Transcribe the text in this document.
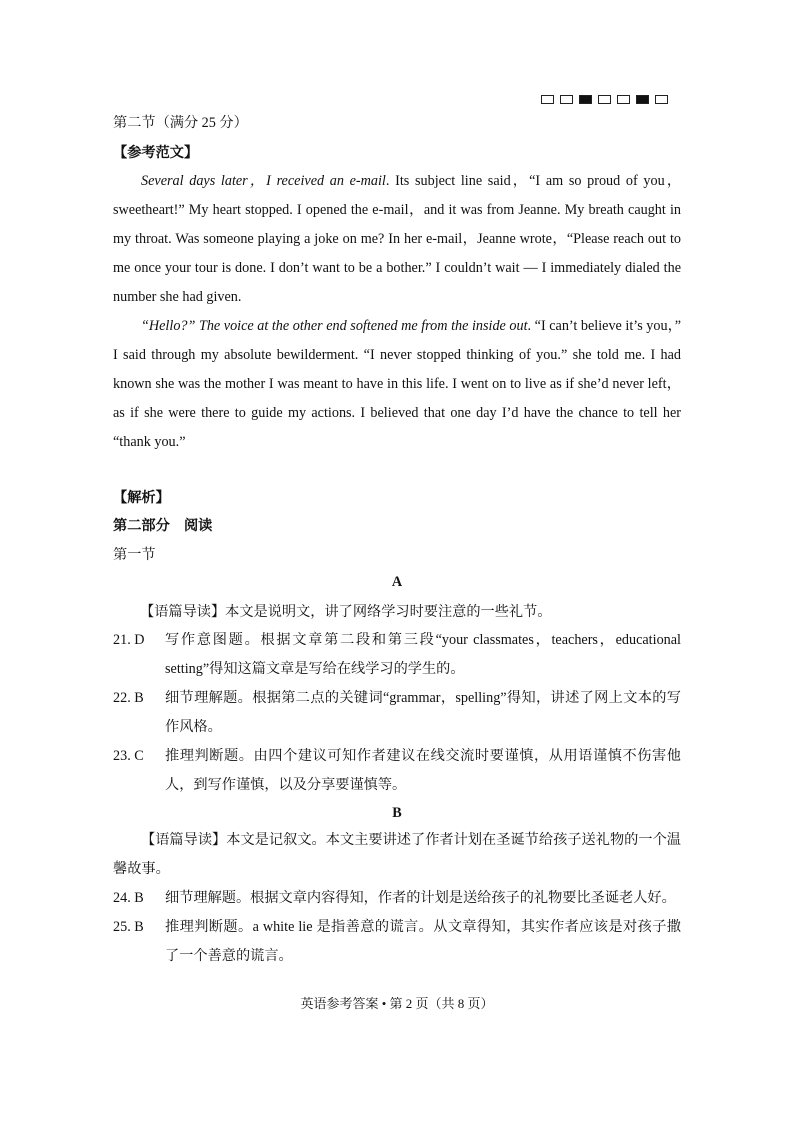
第二节（满分 25 分）
【参考范文】
Several days later，I received an e-mail. Its subject line said，“I am so proud of you，sweetheart!” My heart stopped. I opened the e-mail，and it was from Jeanne. My breath caught in my throat. Was someone playing a joke on me? In her e-mail，Jeanne wrote，“Please reach out to me once your tour is done. I don’t want to be a bother.” I couldn’t wait — I immediately dialed the number she had given.
“Hello?” The voice at the other end softened me from the inside out. “I can’t believe it’s you，” I said through my absolute bewilderment. “I never stopped thinking of you.” she told me. I had known she was the mother I was meant to have in this life. I went on to live as if she’d never left，as if she were there to guide my actions. I believed that one day I’d have the chance to tell her “thank you.”
【解析】
第二部分　阅读
第一节
A
【语篇导读】本文是说明文，讲了网络学习时要注意的一些礼节。
21. D	写作意图题。根据文章第二段和第三段“your classmates，teachers，educational setting”得知这篇文章是写给在线学习的学生的。
22. B	细节理解题。根据第二点的关键词“grammar，spelling”得知，讲述了网上文本的写作风格。
23. C	推理判断题。由四个建议可知作者建议在线交流时要谨慎，从用语谨慎不伤害他人，到写作谨慎，以及分享要谨慎等。
B
【语篇导读】本文是记叙文。本文主要讲述了作者计划在圣诞节给孩子送礼物的一个温馨故事。
24. B	细节理解题。根据文章内容得知，作者的计划是送给孩子的礼物要比圣诞老人好。
25. B	推理判断题。a white lie 是指善意的谎言。从文章得知，其实作者应该是对孩子撒了一个善意的谎言。
英语参考答案 • 第 2 页（共 8 页）
